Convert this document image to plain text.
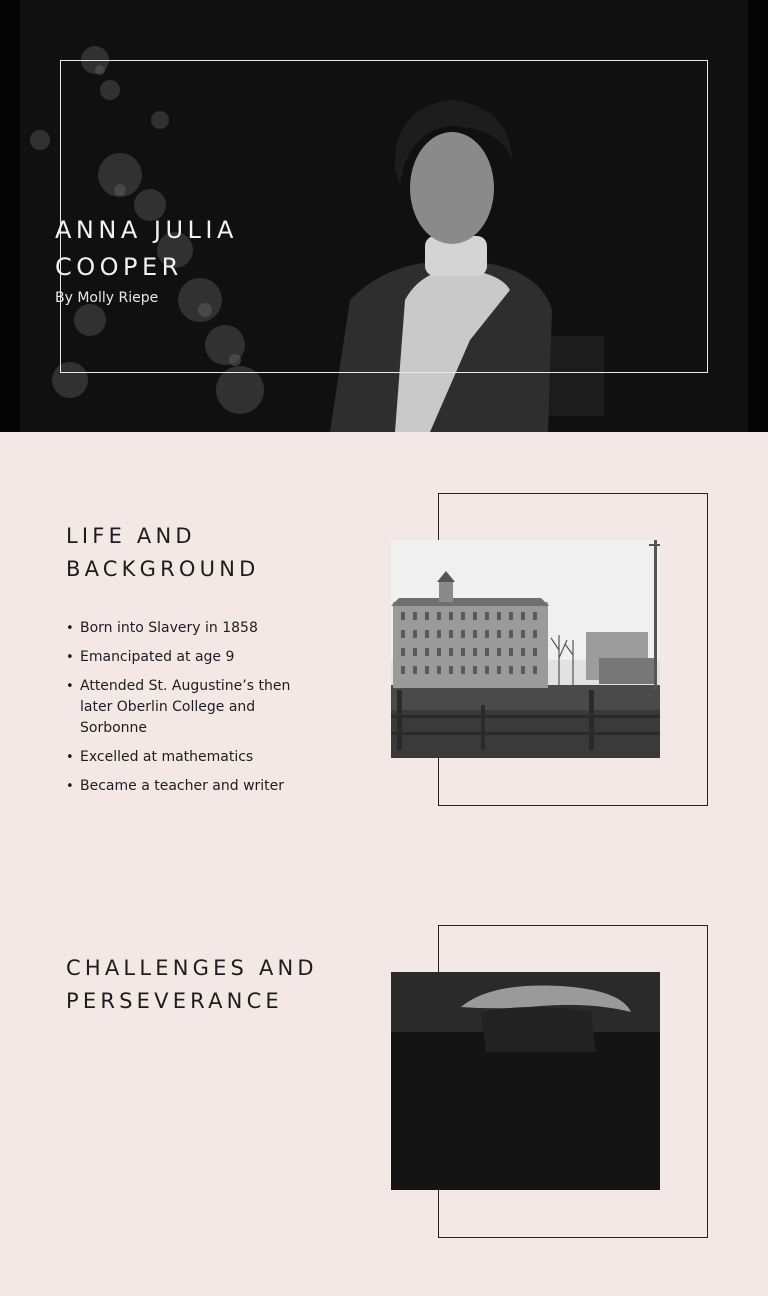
ANNA JULIA
COOPER

By Molly Riepe

LIFE AND
BACKGROUND
• Born into Slavery in 1858
• Emancipated at age 9
• Attended St. Augustine’s then later Oberlin College and Sorbonne
• Excelled at mathematics
• Became a teacher and writer
CHALLENGES AND
PERSEVERANCE
